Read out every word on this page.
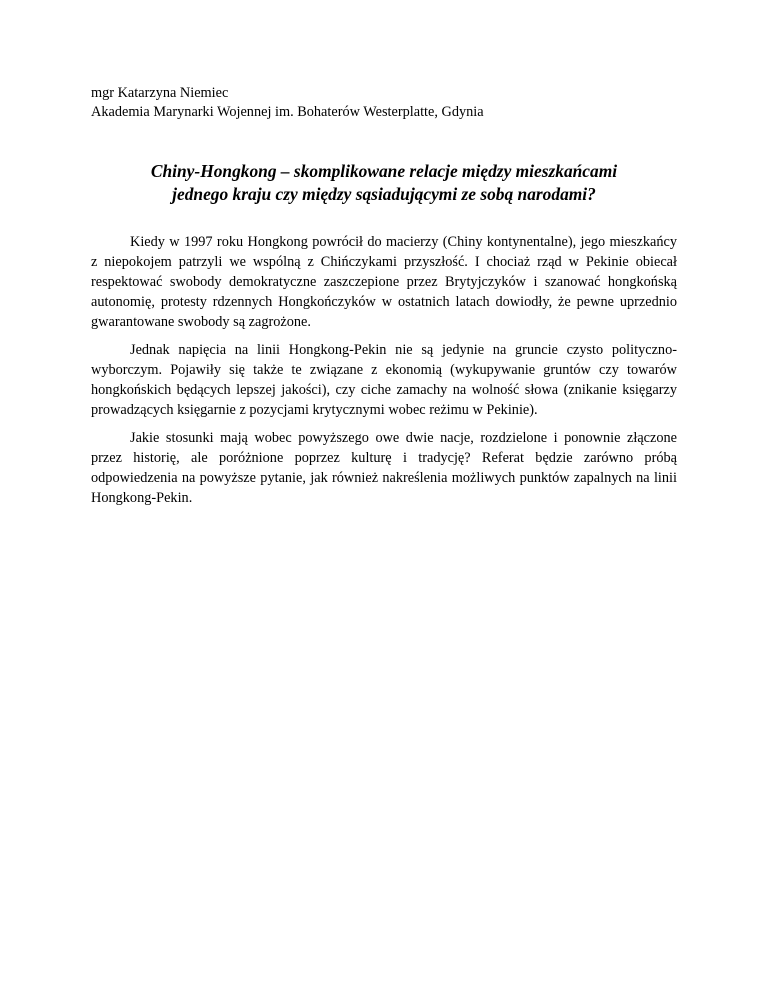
mgr Katarzyna Niemiec
Akademia Marynarki Wojennej im. Bohaterów Westerplatte, Gdynia
Chiny-Hongkong – skomplikowane relacje między mieszkańcami
jednego kraju czy między sąsiadującymi ze sobą narodami?

Kiedy w 1997 roku Hongkong powrócił do macierzy (Chiny kontynentalne), jego mieszkańcy z niepokojem patrzyli we wspólną z Chińczykami przyszłość. I chociaż rząd w Pekinie obiecał respektować swobody demokratyczne zaszczepione przez Brytyjczyków i szanować hongkońską autonomię, protesty rdzennych Hongkończyków w ostatnich latach dowiodły, że pewne uprzednio gwarantowane swobody są zagrożone.

Jednak napięcia na linii Hongkong-Pekin nie są jedynie na gruncie czysto polityczno-wyborczym. Pojawiły się także te związane z ekonomią (wykupywanie gruntów czy towarów hongkońskich będących lepszej jakości), czy ciche zamachy na wolność słowa (znikanie księgarzy prowadzących księgarnie z pozycjami krytycznymi wobec reżimu w Pekinie).

Jakie stosunki mają wobec powyższego owe dwie nacje, rozdzielone i ponownie złączone przez historię, ale poróżnione poprzez kulturę i tradycję? Referat będzie zarówno próbą odpowiedzenia na powyższe pytanie, jak również nakreślenia możliwych punktów zapalnych na linii Hongkong-Pekin.
